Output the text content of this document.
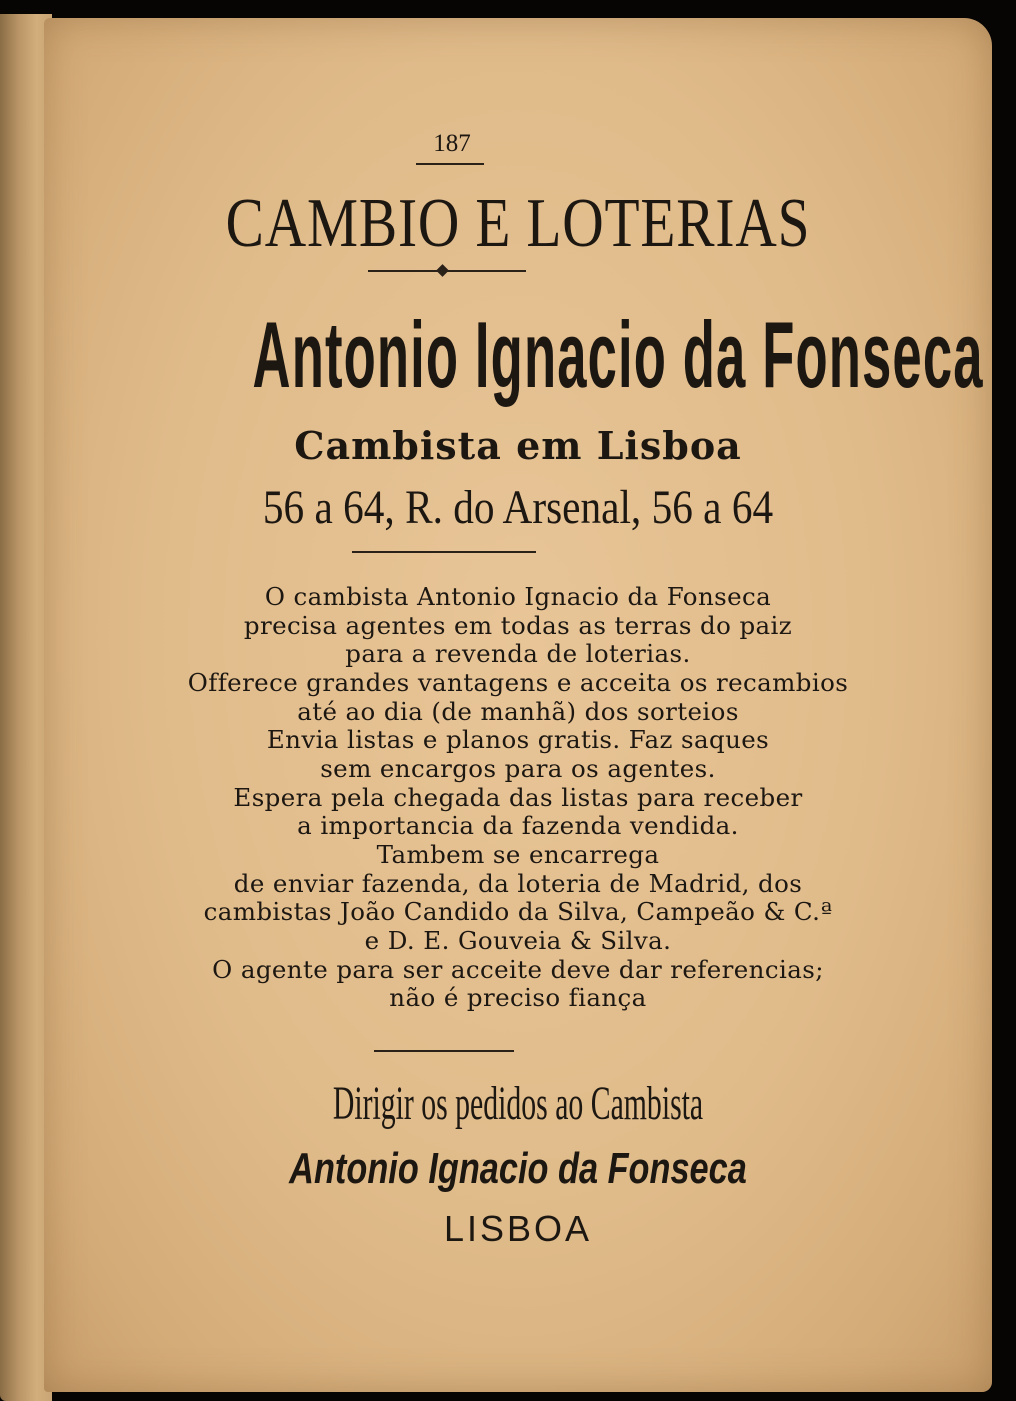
187
CAMBIO E LOTERIAS
Antonio Ignacio da Fonseca
Cambista em Lisboa
56 a 64, R. do Arsenal, 56 a 64
O cambista Antonio Ignacio da Fonseca
precisa agentes em todas as terras do paiz
para a revenda de loterias.
Offerece grandes vantagens e acceita os recambios
até ao dia (de manhã) dos sorteios
Envia listas e planos gratis. Faz saques
sem encargos para os agentes.
Espera pela chegada das listas para receber
a importancia da fazenda vendida.
Tambem se encarrega
de enviar fazenda, da loteria de Madrid, dos
cambistas João Candido da Silva, Campeão & C.ª
e D. E. Gouveia & Silva.
O agente para ser acceite deve dar referencias;
não é preciso fiança
Dirigir os pedidos ao Cambista
Antonio Ignacio da Fonseca
LISBOA
